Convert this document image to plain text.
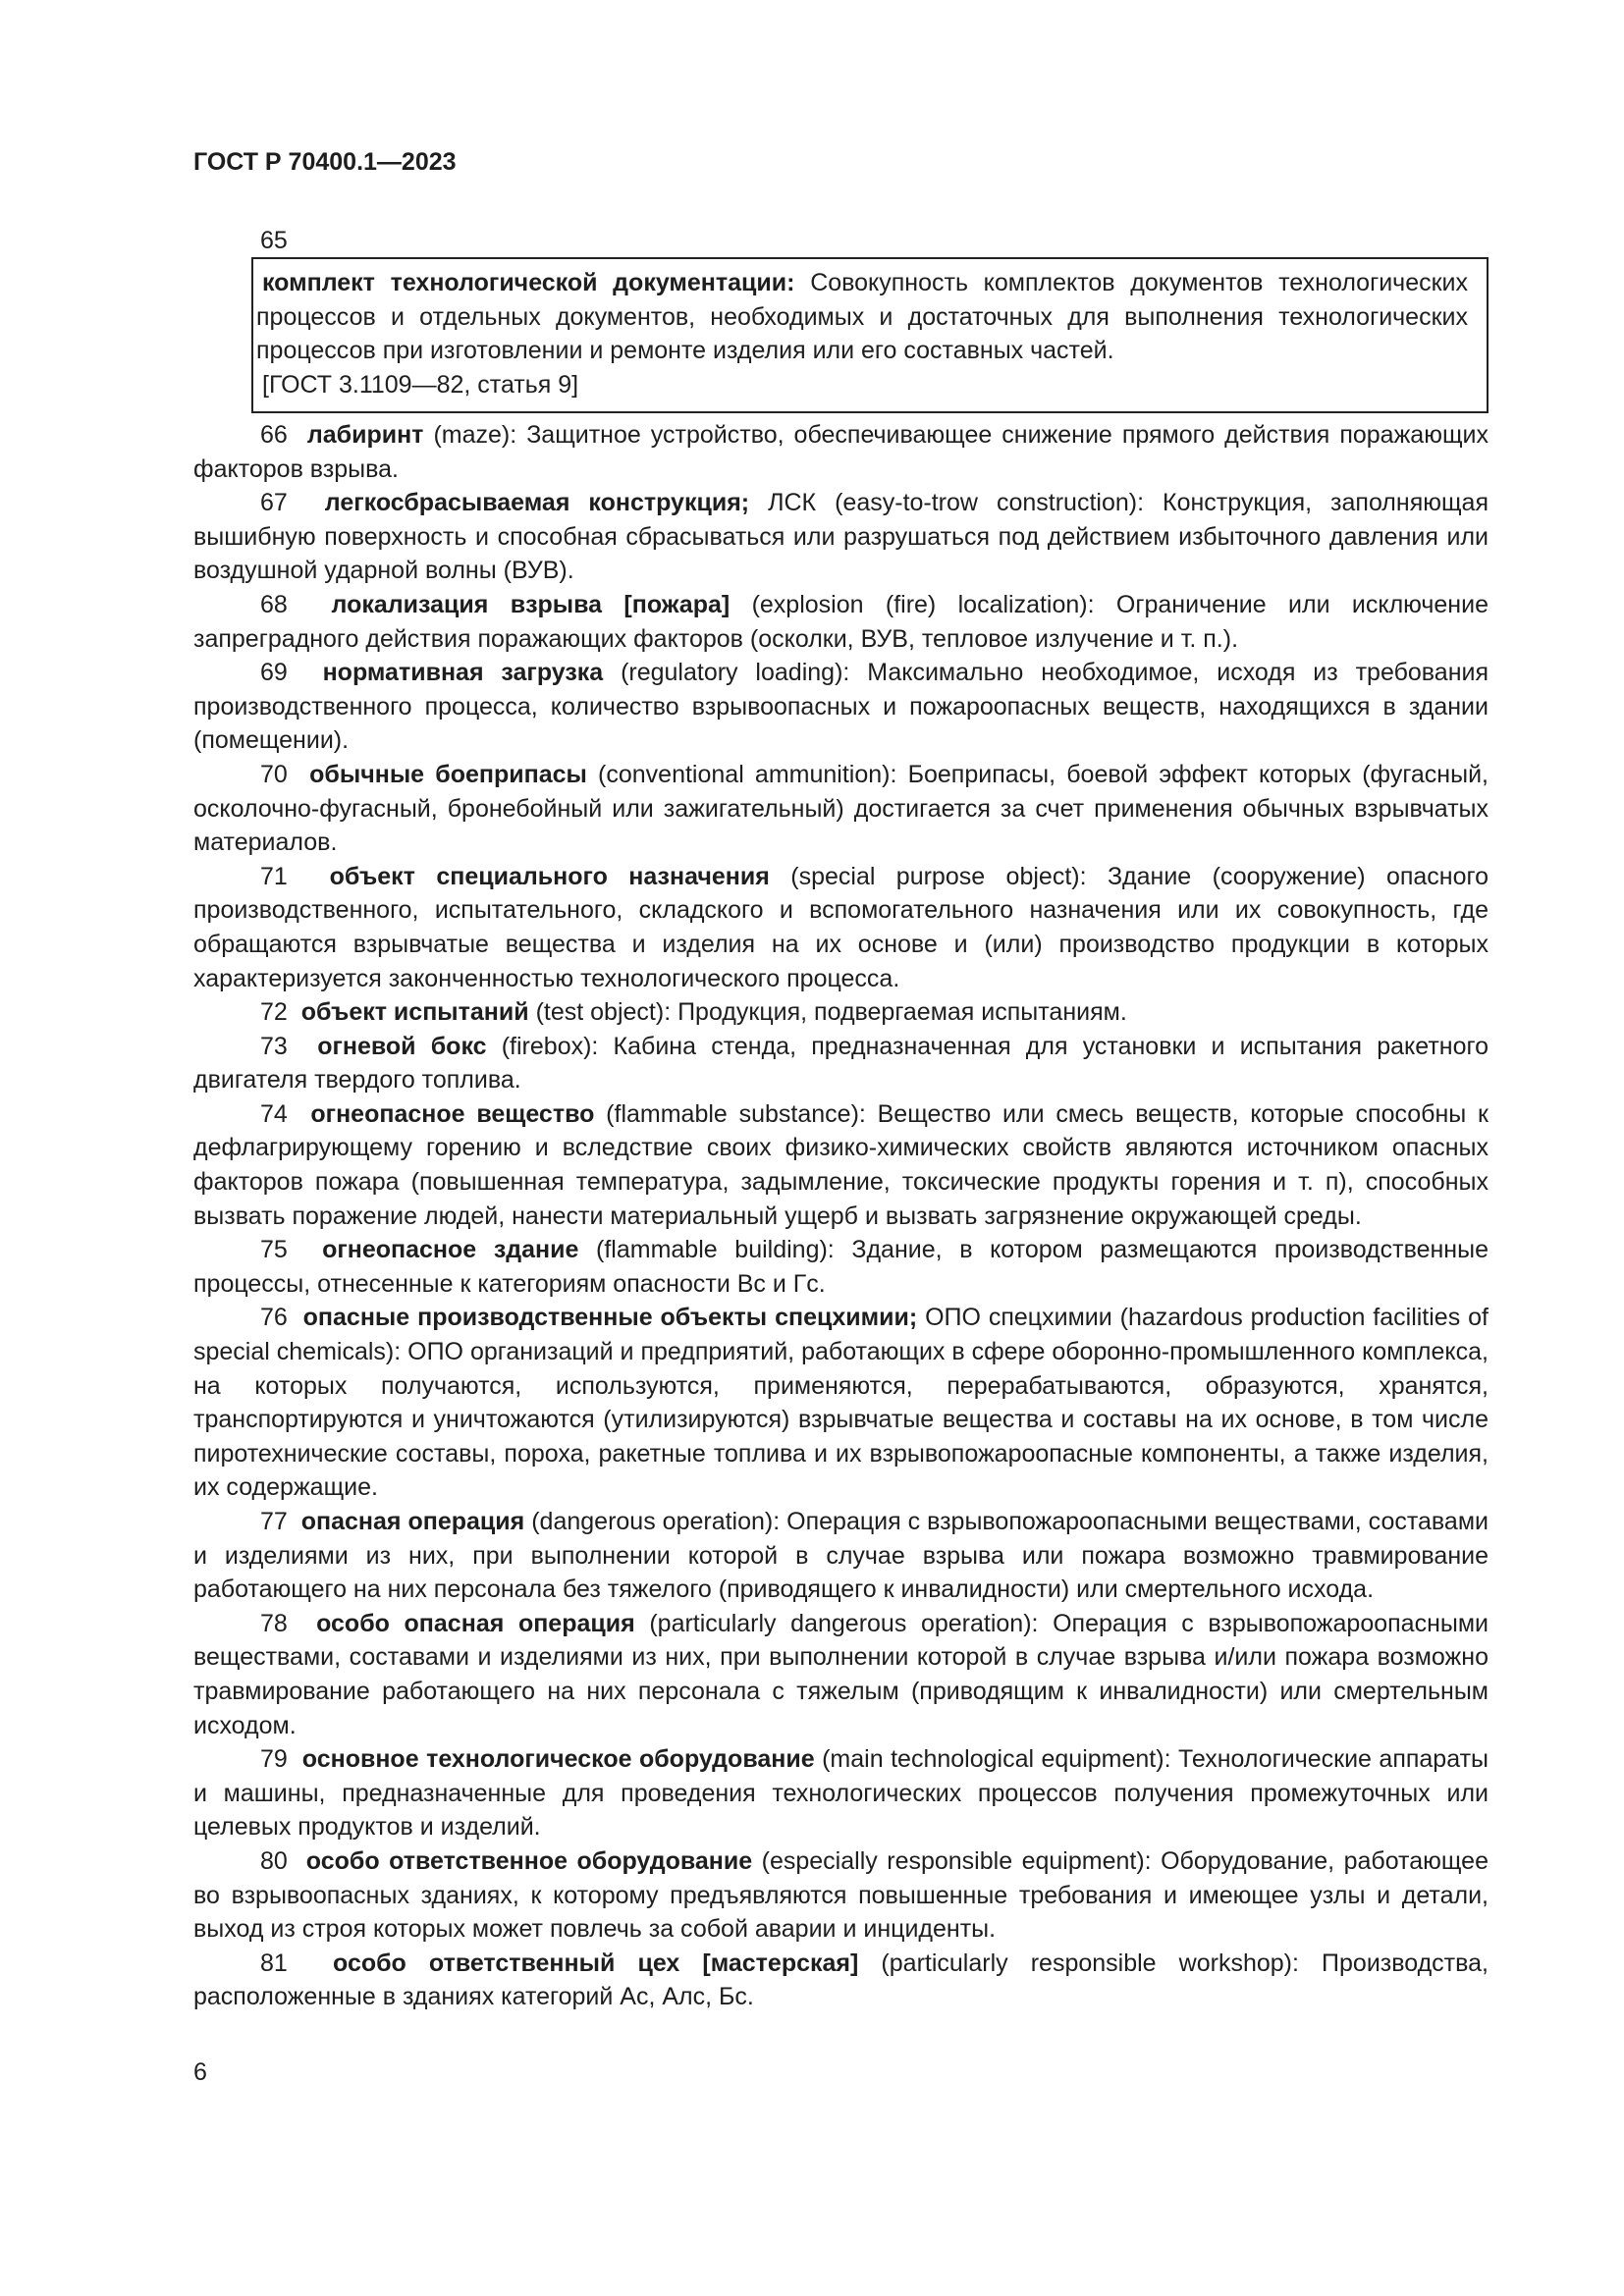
ГОСТ Р 70400.1—2023
65

комплект технологической документации: Совокупность комплектов документов технологических процессов и отдельных документов, необходимых и достаточных для выполнения технологических процессов при изготовлении и ремонте изделия или его составных частей.

[ГОСТ 3.1109—82, статья 9]

66 лабиринт (maze): Защитное устройство, обеспечивающее снижение прямого действия поражающих факторов взрыва.

67 легкосбрасываемая конструкция; ЛСК (easy-to-trow construction): Конструкция, заполняющая вышибную поверхность и способная сбрасываться или разрушаться под действием избыточного давления или воздушной ударной волны (ВУВ).

68 локализация взрыва [пожара] (explosion (fire) localization): Ограничение или исключение запреградного действия поражающих факторов (осколки, ВУВ, тепловое излучение и т. п.).

69 нормативная загрузка (regulatory loading): Максимально необходимое, исходя из требования производственного процесса, количество взрывоопасных и пожароопасных веществ, находящихся в здании (помещении).

70 обычные боеприпасы (conventional ammunition): Боеприпасы, боевой эффект которых (фугасный, осколочно-фугасный, бронебойный или зажигательный) достигается за счет применения обычных взрывчатых материалов.

71 объект специального назначения (special purpose object): Здание (сооружение) опасного производственного, испытательного, складского и вспомогательного назначения или их совокупность, где обращаются взрывчатые вещества и изделия на их основе и (или) производство продукции в которых характеризуется законченностью технологического процесса.

72 объект испытаний (test object): Продукция, подвергаемая испытаниям.

73 огневой бокс (firebox): Кабина стенда, предназначенная для установки и испытания ракетного двигателя твердого топлива.

74 огнеопасное вещество (flammable substance): Вещество или смесь веществ, которые способны к дефлагрирующему горению и вследствие своих физико-химических свойств являются источником опасных факторов пожара (повышенная температура, задымление, токсические продукты горения и т. п), способных вызвать поражение людей, нанести материальный ущерб и вызвать загрязнение окружающей среды.

75 огнеопасное здание (flammable building): Здание, в котором размещаются производственные процессы, отнесенные к категориям опасности Вс и Гс.

76 опасные производственные объекты спецхимии; ОПО спецхимии (hazardous production facilities of special chemicals): ОПО организаций и предприятий, работающих в сфере оборонно-промышленного комплекса, на которых получаются, используются, применяются, перерабатываются, образуются, хранятся, транспортируются и уничтожаются (утилизируются) взрывчатые вещества и составы на их основе, в том числе пиротехнические составы, пороха, ракетные топлива и их взрывопожароопасные компоненты, а также изделия, их содержащие.

77 опасная операция (dangerous operation): Операция с взрывопожароопасными веществами, составами и изделиями из них, при выполнении которой в случае взрыва или пожара возможно травмирование работающего на них персонала без тяжелого (приводящего к инвалидности) или смертельного исхода.

78 особо опасная операция (particularly dangerous operation): Операция с взрывопожароопасными веществами, составами и изделиями из них, при выполнении которой в случае взрыва и/или пожара возможно травмирование работающего на них персонала с тяжелым (приводящим к инвалидности) или смертельным исходом.

79 основное технологическое оборудование (main technological equipment): Технологические аппараты и машины, предназначенные для проведения технологических процессов получения промежуточных или целевых продуктов и изделий.

80 особо ответственное оборудование (especially responsible equipment): Оборудование, работающее во взрывоопасных зданиях, к которому предъявляются повышенные требования и имеющее узлы и детали, выход из строя которых может повлечь за собой аварии и инциденты.

81 особо ответственный цех [мастерская] (particularly responsible workshop): Производства, расположенные в зданиях категорий Ас, Алс, Бс.

6
